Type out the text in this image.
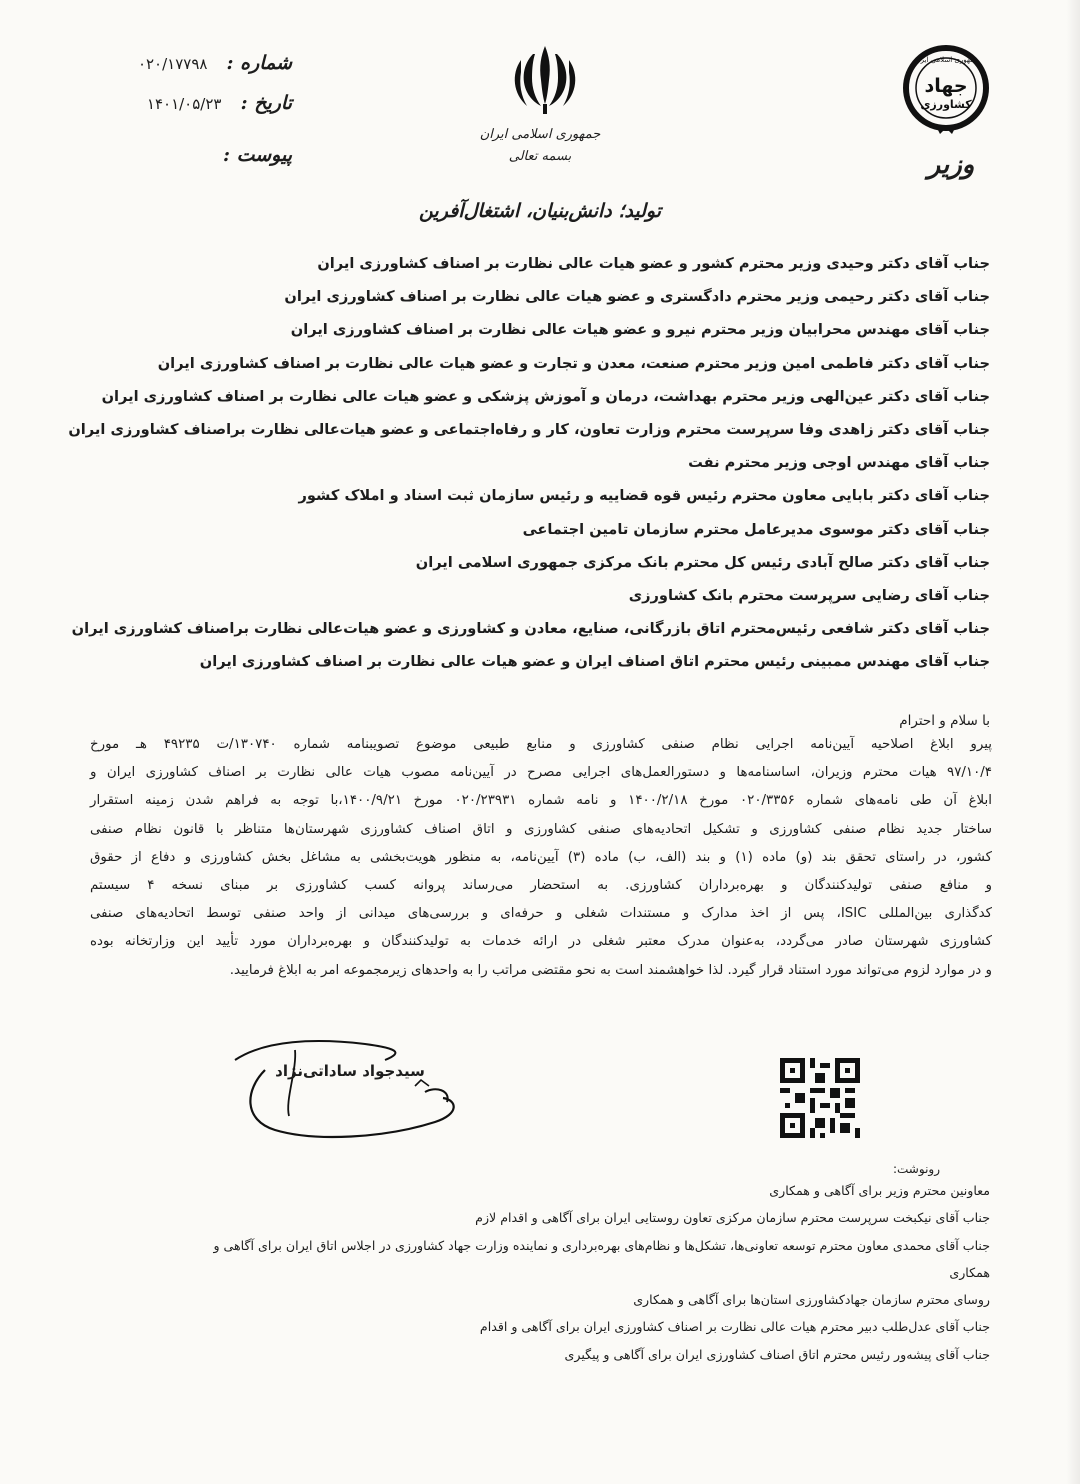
شماره : ۰۲۰/۱۷۷۹۸
تاریخ : ۱۴۰۱/۰۵/۲۳
پیوست :
جمهوری اسلامی ایران
بسمه تعالی
تولید؛ دانش‌بنیان، اشتغال‌آفرین
جمهوری اسلامی ایران
جهاد
کشاورزی
وزیر
جناب آقای دکتر وحیدی وزیر محترم کشور و عضو هیات عالی نظارت بر اصناف کشاورزی ایران
جناب آقای دکتر رحیمی وزیر محترم دادگستری و عضو هیات عالی نظارت بر اصناف کشاورزی ایران
جناب آقای مهندس محرابیان وزیر محترم نیرو و عضو هیات عالی نظارت بر اصناف کشاورزی ایران
جناب آقای دکتر فاطمی امین وزیر محترم صنعت، معدن و تجارت و عضو هیات عالی نظارت بر اصناف کشاورزی ایران
جناب آقای دکتر عین‌الهی وزیر محترم بهداشت، درمان و آموزش پزشکی و عضو هیات عالی نظارت بر اصناف کشاورزی ایران
جناب آقای دکتر زاهدی وفا سرپرست محترم وزارت تعاون، کار و رفاه‌اجتماعی و عضو هیات‌عالی نظارت براصناف کشاورزی ایران
جناب آقای مهندس اوجی وزیر محترم نفت
جناب آقای دکتر بابایی معاون محترم رئیس قوه قضاییه و رئیس سازمان ثبت اسناد و املاک کشور
جناب آقای دکتر موسوی مدیرعامل محترم سازمان تامین اجتماعی
جناب آقای دکتر صالح آبادی رئیس کل محترم بانک مرکزی جمهوری اسلامی ایران
جناب آقای رضایی سرپرست محترم بانک کشاورزی
جناب آقای دکتر شافعی رئیس‌محترم اتاق بازرگانی، صنایع، معادن و کشاورزی و عضو هیات‌عالی نظارت براصناف کشاورزی ایران
جناب آقای مهندس ممبینی رئیس محترم اتاق اصناف ایران و عضو هیات عالی نظارت بر اصناف کشاورزی ایران
با سلام و احترام
پیرو ابلاغ اصلاحیه آیین‌نامه اجرایی نظام صنفی کشاورزی و منابع طبیعی موضوع تصویبنامه شماره ۱۳۰۷۴۰/ت ۴۹۲۳۵ هـ مورخ
۹۷/۱۰/۴ هیات محترم وزیران، اساسنامه‌ها و دستورالعمل‌های اجرایی مصرح در آیین‌نامه مصوب هیات عالی نظارت بر اصناف کشاورزی ایران و
ابلاغ آن طی نامه‌های شماره ۰۲۰/۳۳۵۶ مورخ ۱۴۰۰/۲/۱۸ و نامه شماره ۰۲۰/۲۳۹۳۱ مورخ ۱۴۰۰/۹/۲۱،با توجه به فراهم شدن زمینه استقرار
ساختار جدید نظام صنفی کشاورزی و تشکیل اتحادیه‌های صنفی کشاورزی و اتاق اصناف کشاورزی شهرستان‌ها متناظر با قانون نظام صنفی
کشور، در راستای تحقق بند (و) ماده (۱) و بند (الف، ب) ماده (۳) آیین‌نامه، به منظور هویت‌بخشی به مشاغل بخش کشاورزی و دفاع از حقوق
و منافع صنفی تولیدکنندگان و بهره‌برداران کشاورزی. به استحضار می‌رساند پروانه کسب کشاورزی بر مبنای نسخه ۴ سیستم
کدگذاری بین‌المللی ISIC، پس از اخذ مدارک و مستندات شغلی و حرفه‌ای و بررسی‌های میدانی از واحد صنفی توسط اتحادیه‌های صنفی
کشاورزی شهرستان صادر می‌گردد، به‌عنوان مدرک معتبر شغلی در ارائه خدمات به تولیدکنندگان و بهره‌برداران مورد تأیید این وزارتخانه بوده
و در موارد لزوم می‌تواند مورد استناد قرار گیرد. لذا خواهشمند است به نحو مقتضی مراتب را به واحدهای زیرمجموعه امر به ابلاغ فرمایید.
سیدجواد ساداتی‌نژاد
رونوشت:
معاونین محترم وزیر برای آگاهی و همکاری
جناب آقای نیکبخت سرپرست محترم سازمان مرکزی تعاون روستایی ایران برای آگاهی و اقدام لازم
جناب آقای محمدی معاون محترم توسعه تعاونی‌ها، تشکل‌ها و نظام‌های بهره‌برداری و نماینده وزارت جهاد کشاورزی در اجلاس اتاق ایران برای آگاهی و
همکاری
روسای محترم سازمان جهادکشاورزی استان‌ها برای آگاهی و همکاری
جناب آقای عدل‌طلب دبیر محترم هیات عالی نظارت بر اصناف کشاورزی ایران برای آگاهی و اقدام
جناب آقای پیشه‌ور رئیس محترم اتاق اصناف کشاورزی ایران برای آگاهی و پیگیری
